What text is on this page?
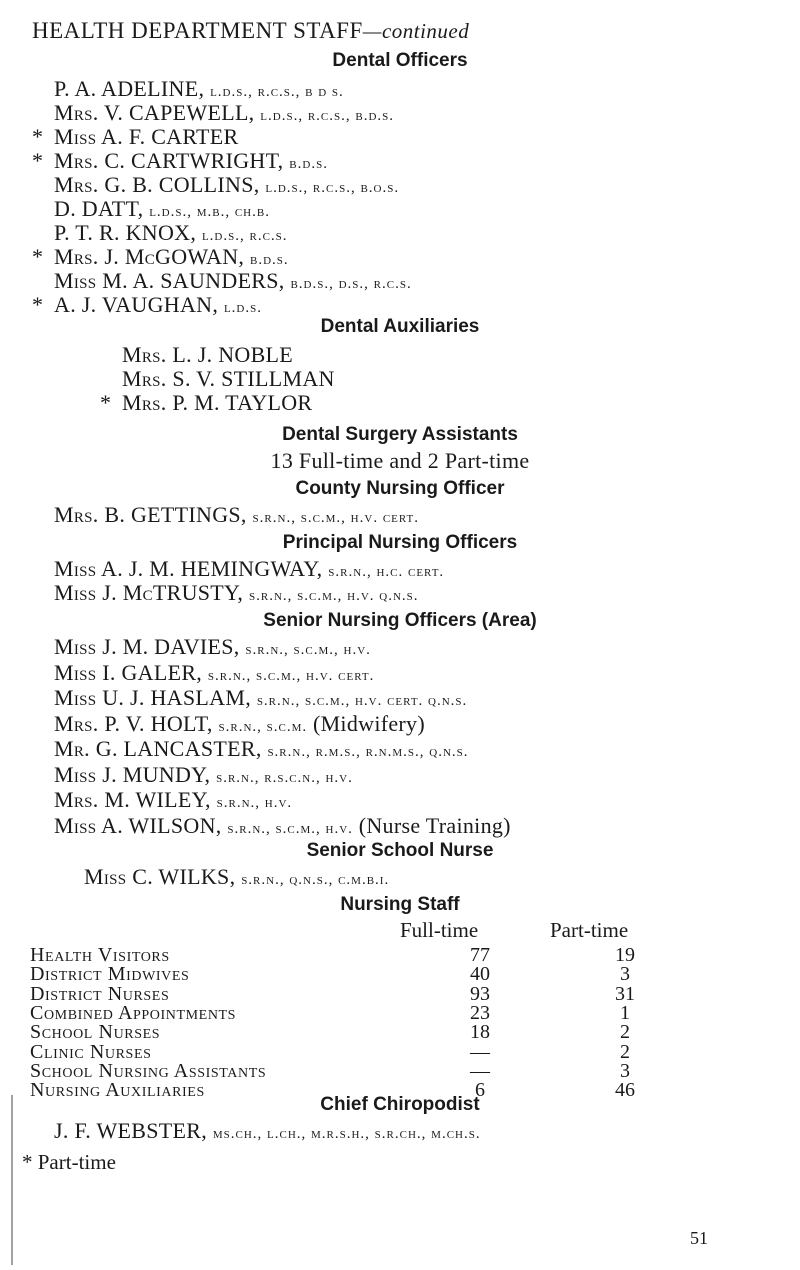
HEALTH DEPARTMENT STAFF—continued
Dental Officers
P. A. ADELINE, l.d.s., r.c.s., b d s.
Mrs. V. CAPEWELL, l.d.s., r.c.s., b.d.s.
* Miss A. F. CARTER
* Mrs. C. CARTWRIGHT, b.d.s.
Mrs. G. B. COLLINS, l.d.s., r.c.s., b.o.s.
D. DATT, l.d.s., m.b., ch.b.
P. T. R. KNOX, l.d.s., r.c.s.
* Mrs. J. McGOWAN, b.d.s.
Miss M. A. SAUNDERS, b.d.s., d.s., r.c.s.
* A. J. VAUGHAN, l.d.s.
Dental Auxiliaries
Mrs. L. J. NOBLE
Mrs. S. V. STILLMAN
* Mrs. P. M. TAYLOR
Dental Surgery Assistants
13 Full-time and 2 Part-time
County Nursing Officer
Mrs. B. GETTINGS, s.r.n., s.c.m., h.v. cert.
Principal Nursing Officers
Miss A. J. M. HEMINGWAY, s.r.n., h.c. cert.
Miss J. McTRUSTY, s.r.n., s.c.m., h.v. q.n.s.
Senior Nursing Officers (Area)
Miss J. M. DAVIES, s.r.n., s.c.m., h.v.
Miss I. GALER, s.r.n., s.c.m., h.v. cert.
Miss U. J. HASLAM, s.r.n., s.c.m., h.v. cert. q.n.s.
Mrs. P. V. HOLT, s.r.n., s.c.m. (Midwifery)
Mr. G. LANCASTER, s.r.n., r.m.s., r.n.m.s., q.n.s.
Miss J. MUNDY, s.r.n., r.s.c.n., h.v.
Mrs. M. WILEY, s.r.n., h.v.
Miss A. WILSON, s.r.n., s.c.m., h.v. (Nurse Training)
Senior School Nurse
Miss C. WILKS, s.r.n., q.n.s., c.m.b.i.
Nursing Staff
Full-time	Part-time
Health Visitors	77	19
District Midwives	40	3
District Nurses	93	31
Combined Appointments	23	1
School Nurses	18	2
Clinic Nurses	—	2
School Nursing Assistants	—	3
Nursing Auxiliaries	6	46
Chief Chiropodist
J. F. WEBSTER, ms.ch., l.ch., m.r.s.h., s.r.ch., m.ch.s.
* Part-time
51
